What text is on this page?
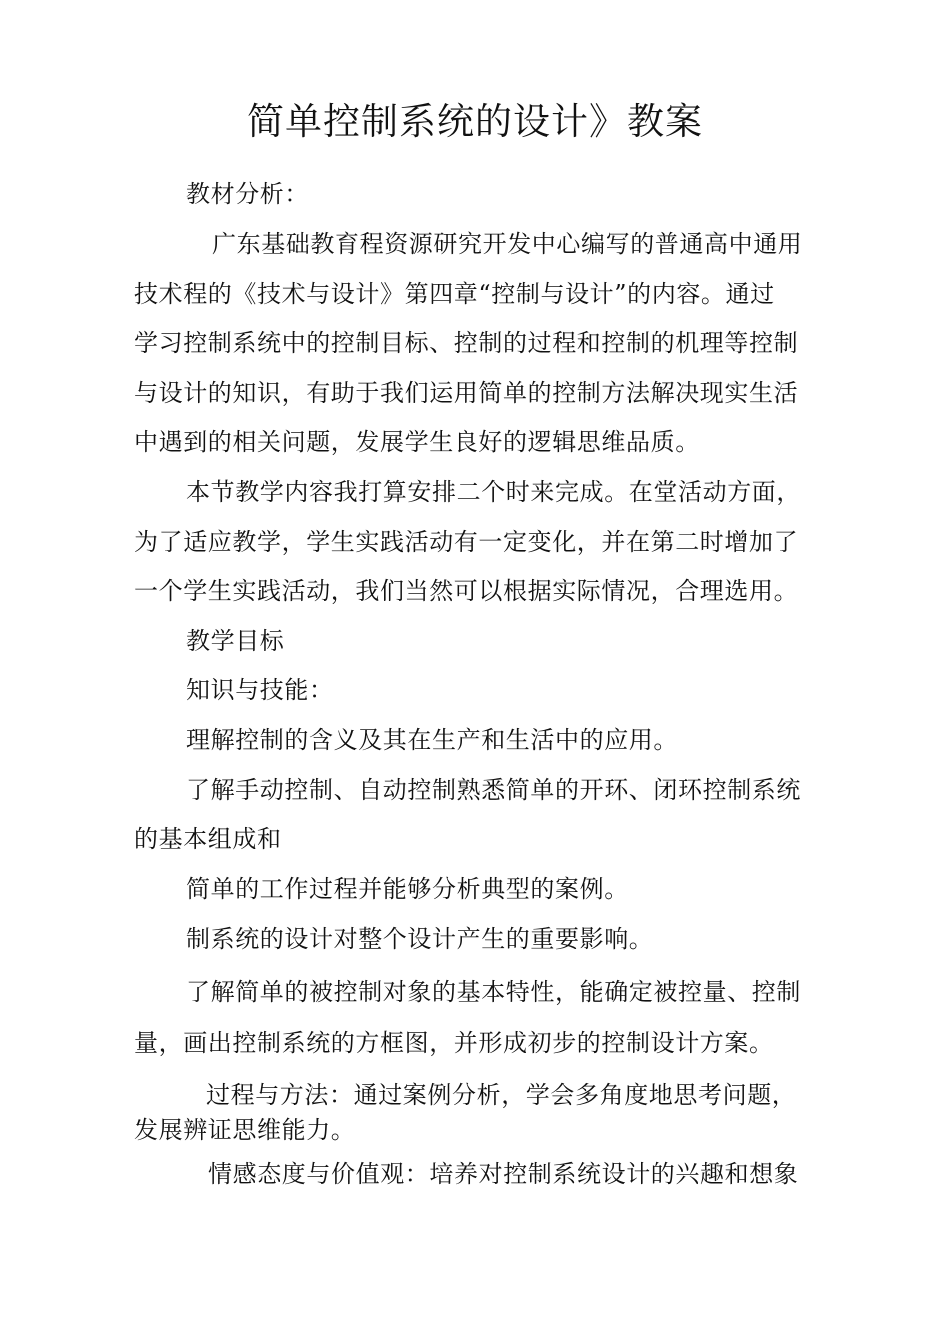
简单控制系统的设计》教案
教材分析：
广东基础教育程资源研究开发中心编写的普通高中通用
技术程的《技术与设计》第四章“控制与设计”的内容。通过
学习控制系统中的控制目标、控制的过程和控制的机理等控制
与设计的知识，有助于我们运用简单的控制方法解决现实生活
中遇到的相关问题，发展学生良好的逻辑思维品质。
本节教学内容我打算安排二个时来完成。在堂活动方面，
为了适应教学，学生实践活动有一定变化，并在第二时增加了
一个学生实践活动，我们当然可以根据实际情况，合理选用。
教学目标
知识与技能：
理解控制的含义及其在生产和生活中的应用。
了解手动控制、自动控制熟悉简单的开环、闭环控制系统
的基本组成和
简单的工作过程并能够分析典型的案例。
制系统的设计对整个设计产生的重要影响。
了解简单的被控制对象的基本特性，能确定被控量、控制
量，画出控制系统的方框图，并形成初步的控制设计方案。
过程与方法：通过案例分析，学会多角度地思考问题，
发展辨证思维能力。
情感态度与价值观：培养对控制系统设计的兴趣和想象
